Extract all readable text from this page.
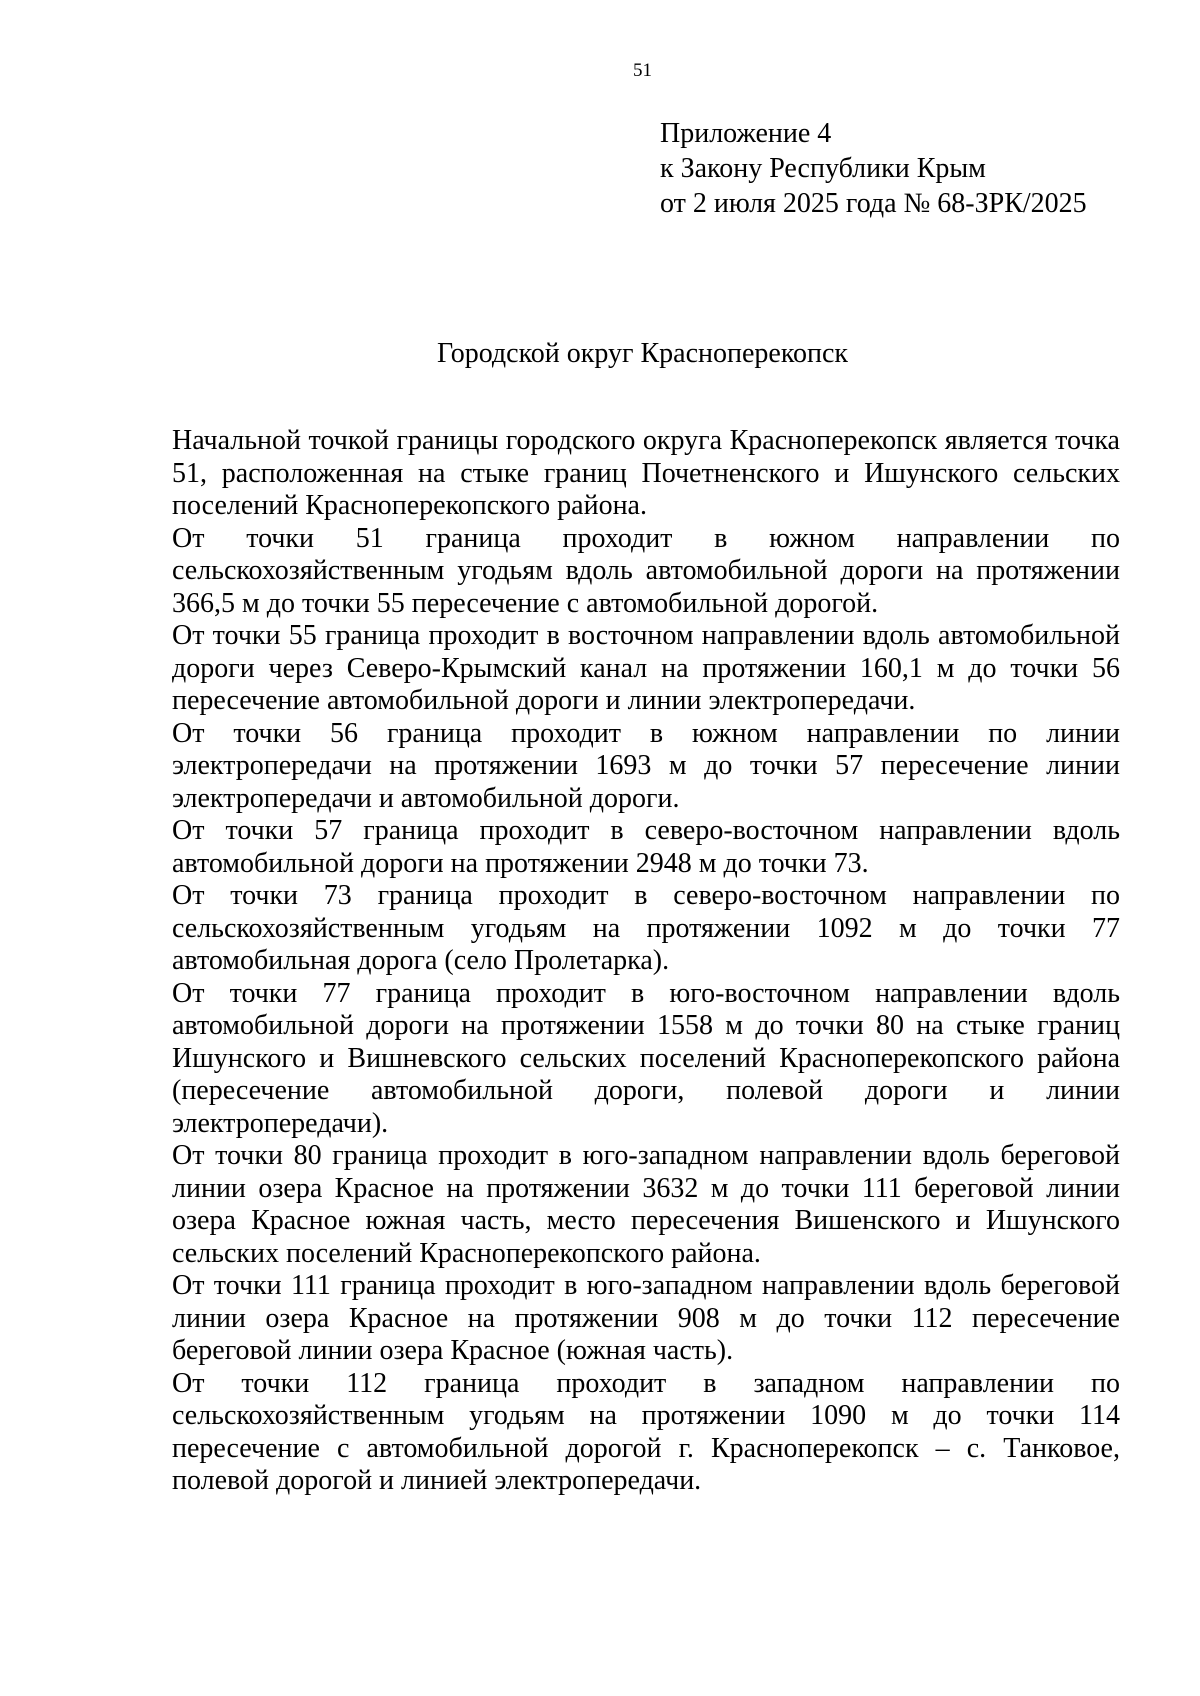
51
Приложение 4
к Закону Республики Крым
от 2 июля 2025 года № 68-ЗРК/2025
Городской округ Красноперекопск

Начальной точкой границы городского округа Красноперекопск является точка 51, расположенная на стыке границ Почетненского и Ишунского сельских поселений Красноперекопского района.

От точки 51 граница проходит в южном направлении по сельскохозяйственным угодьям вдоль автомобильной дороги на протяжении 366,5 м до точки 55 пересечение с автомобильной дорогой.

От точки 55 граница проходит в восточном направлении вдоль автомобильной дороги через Северо-Крымский канал на протяжении 160,1 м до точки 56 пересечение автомобильной дороги и линии электропередачи.

От точки 56 граница проходит в южном направлении по линии электропередачи на протяжении 1693 м до точки 57 пересечение линии электропередачи и автомобильной дороги.

От точки 57 граница проходит в северо-восточном направлении вдоль автомобильной дороги на протяжении 2948 м до точки 73.

От точки 73 граница проходит в северо-восточном направлении по сельскохозяйственным угодьям на протяжении 1092 м до точки 77 автомобильная дорога (село Пролетарка).

От точки 77 граница проходит в юго-восточном направлении вдоль автомобильной дороги на протяжении 1558 м до точки 80 на стыке границ Ишунского и Вишневского сельских поселений Красноперекопского района (пересечение автомобильной дороги, полевой дороги и линии электропередачи).

От точки 80 граница проходит в юго-западном направлении вдоль береговой линии озера Красное на протяжении 3632 м до точки 111 береговой линии озера Красное южная часть, место пересечения Вишенского и Ишунского сельских поселений Красноперекопского района.

От точки 111 граница проходит в юго-западном направлении вдоль береговой линии озера Красное на протяжении 908 м до точки 112 пересечение береговой линии озера Красное (южная часть).

От точки 112 граница проходит в западном направлении по сельскохозяйственным угодьям на протяжении 1090 м до точки 114 пересечение с автомобильной дорогой г. Красноперекопск – с. Танковое, полевой дорогой и линией электропередачи.
